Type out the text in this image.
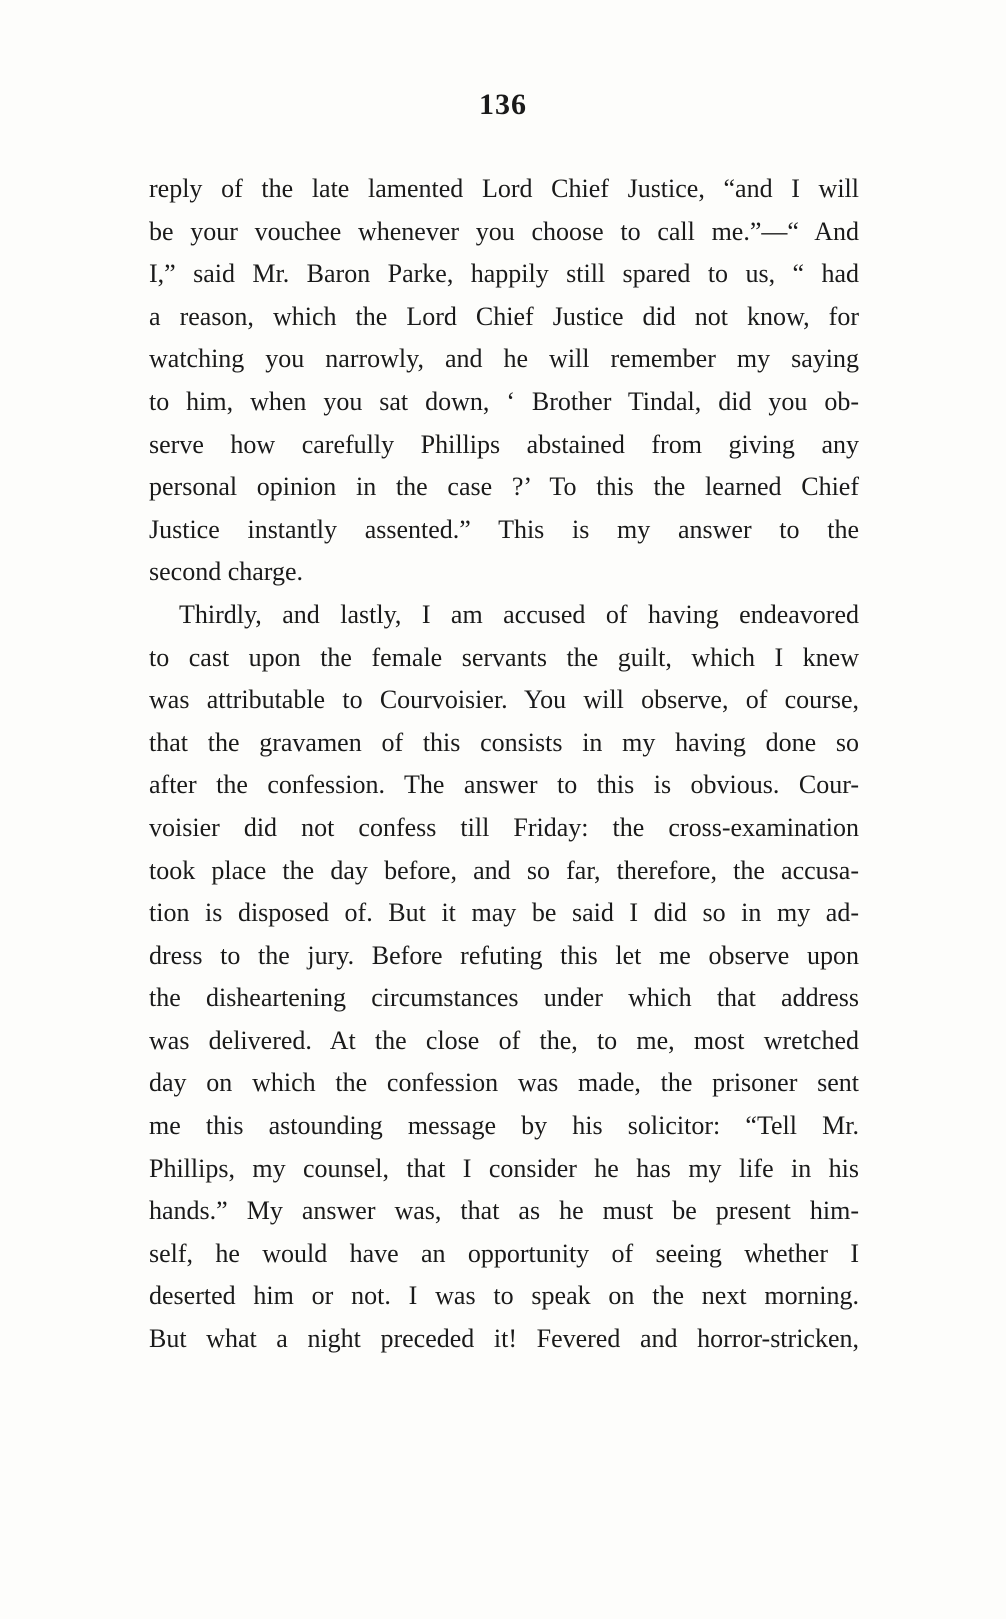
136
reply of the late lamented Lord Chief Justice, “and I will
be your vouchee whenever you choose to call me.”—“ And
I,” said Mr. Baron Parke, happily still spared to us, “ had
a reason, which the Lord Chief Justice did not know, for
watching you narrowly, and he will remember my saying
to him, when you sat down, ‘ Brother Tindal, did you ob-
serve how carefully Phillips abstained from giving any
personal opinion in the case ?’ To this the learned Chief
Justice instantly assented.” This is my answer to the
second charge.
Thirdly, and lastly, I am accused of having endeavored
to cast upon the female servants the guilt, which I knew
was attributable to Courvoisier. You will observe, of course,
that the gravamen of this consists in my having done so
after the confession. The answer to this is obvious. Cour-
voisier did not confess till Friday: the cross-examination
took place the day before, and so far, therefore, the accusa-
tion is disposed of. But it may be said I did so in my ad-
dress to the jury. Before refuting this let me observe upon
the disheartening circumstances under which that address
was delivered. At the close of the, to me, most wretched
day on which the confession was made, the prisoner sent
me this astounding message by his solicitor: “Tell Mr.
Phillips, my counsel, that I consider he has my life in his
hands.” My answer was, that as he must be present him-
self, he would have an opportunity of seeing whether I
deserted him or not. I was to speak on the next morning.
But what a night preceded it! Fevered and horror-stricken,
